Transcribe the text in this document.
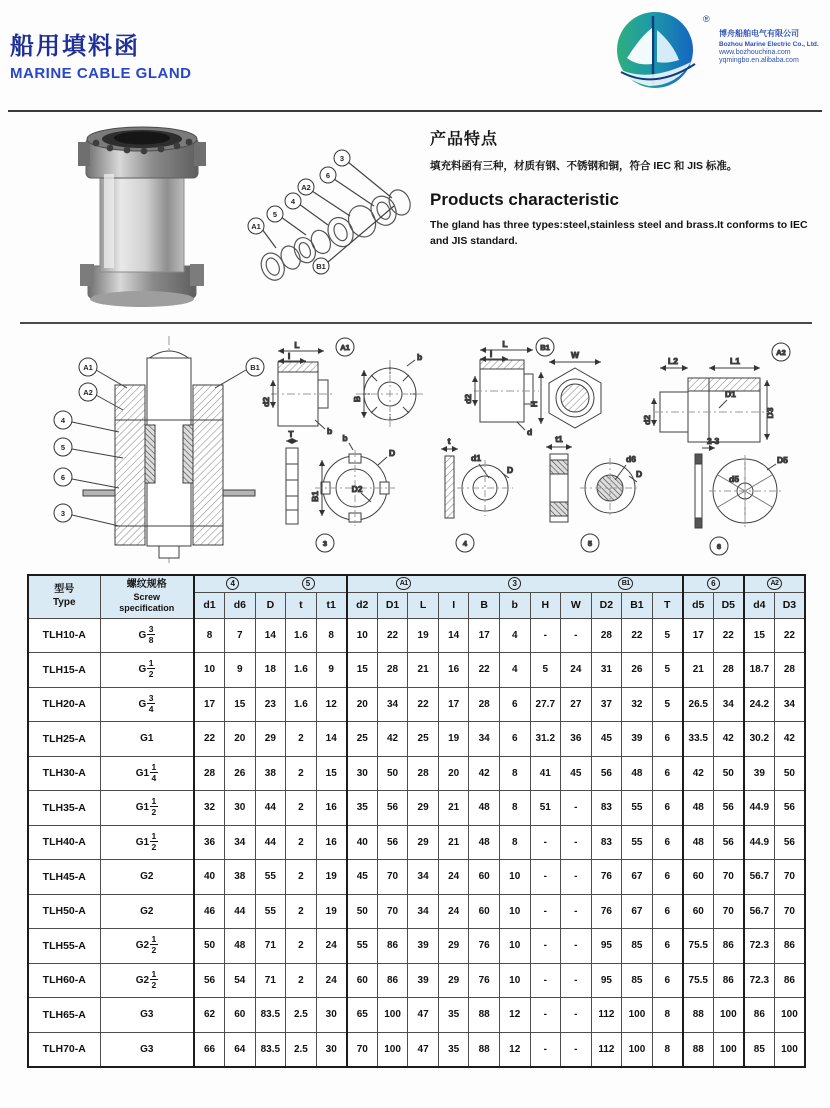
船用填料函
MARINE CABLE GLAND
®
博舟船舶电气有限公司
Bozhou Marine Electric Co., Ltd.
www.bozhouchina.com
yqmingbo.en.alibaba.com
3
6
A2
4
5
A1
B1
产品特点
填充料函有三种，材质有钢、不锈钢和铜，符合 IEC 和 JIS 标准。
Products characteristic
The gland has three types:steel,stainless steel and brass.It conforms to IEC and JIS standard.
A1
A2
4
5
6
3
B1
L
I
d2
b
B
b
A1
T
B1
b
D
D2
3
L
I
d2
d
W
H
B1
t
d1
D
4
t1
d6
D
5
L2	L1
d2
D1
D3
A2
2-3
D5
d5
6
型号
Type

螺纹规格
Screw
specification

4	5	A1	3	B1	6	A2

		d1	d6	D	t	t1	d2	D1	L	I	B	b	H	W	D2	B1	T	d5	D5	d4	D3
TLH10-A	G $\frac{3}{8}$	8	7	14	1.6	8	10	22	19	14	17	4	-	-	28	22	5	17	22	15	22
TLH15-A	G $\frac{1}{2}$	10	9	18	1.6	9	15	28	21	16	22	4	5	24	31	26	5	21	28	18.7	28
TLH20-A	G $\frac{3}{4}$	17	15	23	1.6	12	20	34	22	17	28	6	27.7	27	37	32	5	26.5	34	24.2	34
TLH25-A	G1	22	20	29	2	14	25	42	25	19	34	6	31.2	36	45	39	6	33.5	42	30.2	42
TLH30-A	$G1 \frac{1}{4}$	28	26	38	2	15	30	50	28	20	42	8	41	45	56	48	6	42	50	39	50
TLH35-A	$G1 \frac{1}{2}$	32	30	44	2	16	35	56	29	21	48	8	51	-	83	55	6	48	56	44.9	56
TLH40-A	$G1 \frac{1}{2}$	36	34	44	2	16	40	56	29	21	48	8	-	-	83	55	6	48	56	44.9	56
TLH45-A	G2	40	38	55	2	19	45	70	34	24	60	10	-	-	76	67	6	60	70	56.7	70
TLH50-A	G2	46	44	55	2	19	50	70	34	24	60	10	-	-	76	67	6	60	70	56.7	70
TLH55-A	$G2 \frac{1}{2}$	50	48	71	2	24	55	86	39	29	76	10	-	-	95	85	6	75.5	86	72.3	86
TLH60-A	$G2 \frac{1}{2}$	56	54	71	2	24	60	86	39	29	76	10	-	-	95	85	6	75.5	86	72.3	86
TLH65-A	G3	62	60	83.5	2.5	30	65	100	47	35	88	12	-	-	112	100	8	88	100	86	100
TLH70-A	G3	66	64	83.5	2.5	30	70	100	47	35	88	12	-	-	112	100	8	88	100	85	100
